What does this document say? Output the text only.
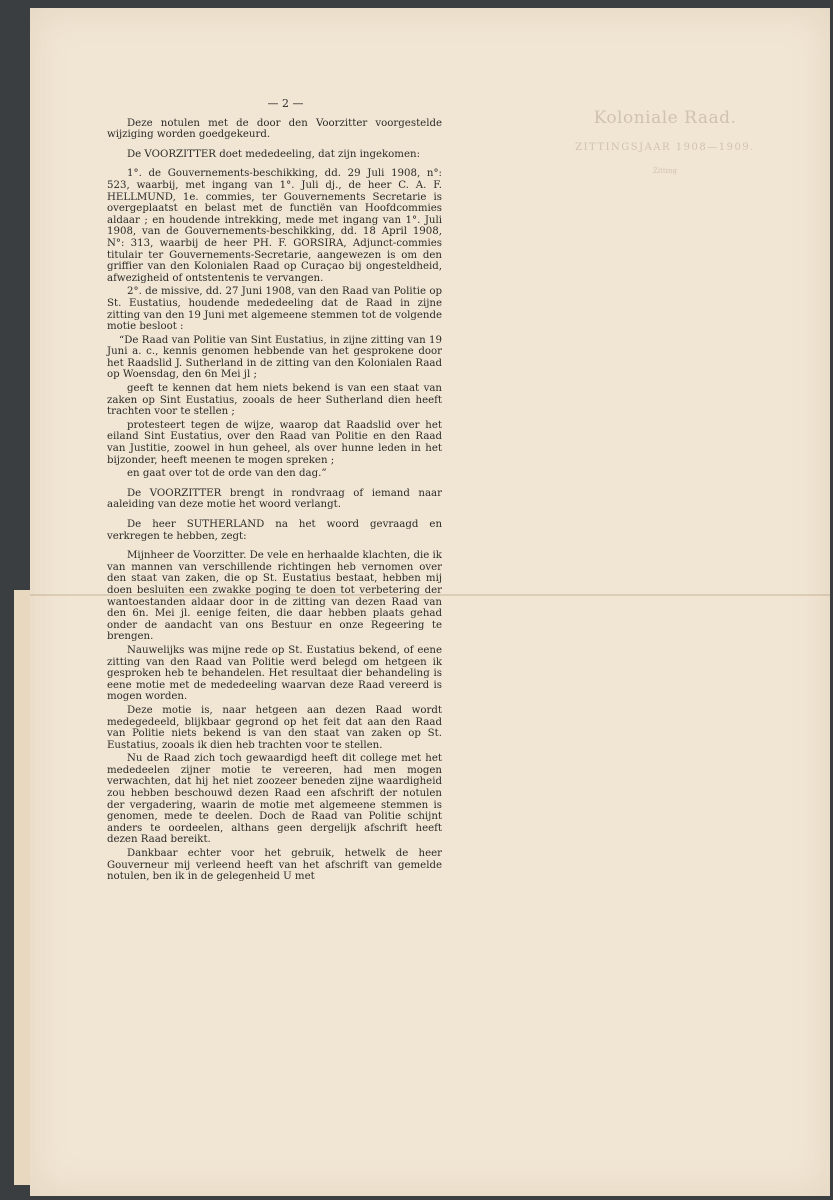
Koloniale Raad.
ZITTINGSJAAR 1908—1909.
Zitting
— 2 —

Deze notulen met de door den Voorzitter voorgestelde wijziging worden goedgekeurd.

De VOORZITTER doet mededeeling, dat zijn ingekomen:

1°. de Gouvernements-beschikking, dd. 29 Juli 1908, n°: 523, waarbij, met ingang van 1°. Juli dj., de heer C. A. F. HELLMUND, 1e. commies, ter Gouvernements Secretarie is overgeplaatst en belast met de functiën van Hoofdcommies aldaar ; en houdende intrekking, mede met ingang van 1°. Juli 1908, van de Gouvernements-beschikking, dd. 18 April 1908, N°: 313, waarbij de heer PH. F. GORSIRA, Adjunct-commies titulair ter Gouvernements-Secretarie, aangewezen is om den griffier van den Kolonialen Raad op Curaçao bij ongesteldheid, afwezigheid of ontstentenis te vervangen.

2°. de missive, dd. 27 Juni 1908, van den Raad van Politie op St. Eustatius, houdende mededeeling dat de Raad in zijne zitting van den 19 Juni met algemeene stemmen tot de volgende motie besloot :

“De Raad van Politie van Sint Eustatius, in zijne zitting van 19 Juni a. c., kennis genomen hebbende van het gesprokene door het Raadslid J. Sutherland in de zitting van den Kolonialen Raad op Woensdag, den 6n Mei jl ;

geeft te kennen dat hem niets bekend is van een staat van zaken op Sint Eustatius, zooals de heer Sutherland dien heeft trachten voor te stellen ;

protesteert tegen de wijze, waarop dat Raadslid over het eiland Sint Eustatius, over den Raad van Politie en den Raad van Justitie, zoowel in hun geheel, als over hunne leden in het bijzonder, heeft meenen te mogen spreken ;

en gaat over tot de orde van den dag.”

De VOORZITTER brengt in rondvraag of iemand naar aaleiding van deze motie het woord verlangt.

De heer SUTHERLAND na het woord gevraagd en verkregen te hebben, zegt:

Mijnheer de Voorzitter. De vele en herhaalde klachten, die ik van mannen van verschillende richtingen heb vernomen over den staat van zaken, die op St. Eustatius bestaat, hebben mij doen besluiten een zwakke poging te doen tot verbetering der wantoestanden aldaar door in de zitting van dezen Raad van den 6n. Mei jl. eenige feiten, die daar hebben plaats gehad onder de aandacht van ons Bestuur en onze Regeering te brengen.

Nauwelijks was mijne rede op St. Eustatius bekend, of eene zitting van den Raad van Politie werd belegd om hetgeen ik gesproken heb te behandelen. Het resultaat dier behandeling is eene motie met de mededeeling waarvan deze Raad vereerd is mogen worden.

Deze motie is, naar hetgeen aan dezen Raad wordt medegedeeld, blijkbaar gegrond op het feit dat aan den Raad van Politie niets bekend is van den staat van zaken op St. Eustatius, zooals ik dien heb trachten voor te stellen.

Nu de Raad zich toch gewaardigd heeft dit college met het mededeelen zijner motie te vereeren, had men mogen verwachten, dat hij het niet zoozeer beneden zijne waardigheid zou hebben beschouwd dezen Raad een afschrift der notulen der vergadering, waarin de motie met algemeene stemmen is genomen, mede te deelen. Doch de Raad van Politie schijnt anders te oordeelen, althans geen dergelijk afschrift heeft dezen Raad bereikt.

Dankbaar echter voor het gebruik, hetwelk de heer Gouverneur mij verleend heeft van het afschrift van gemelde notulen, ben ik in de gelegenheid U met
